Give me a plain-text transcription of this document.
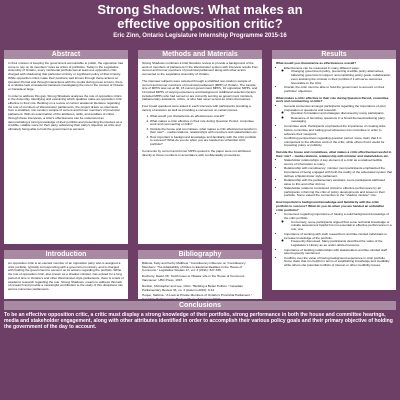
Strong Shadows: What makes an effective opposition critic?
Eric Zinn, Ontario Legislature Internship Programme 2015-16
Abstract

In their mission of keeping the government accountable to public, the opposition has come to rely on its members' roles as critics of portfolios. Today in the Legislative Assembly of Ontario, every ministerial portfolio has at least one opposition critic charged with shadowing that particular ministry or significant policy of that ministry. While opposition critics make their positions well known through these actions at Question Period and through interactions with the media during press scrums, there is a relative lack of academic literature investigating the role in the context of Ontario or Canada at large.

In order to address this gap, Strong Shadows analyses the role of opposition critics in the Assembly, identifying and examining which qualities make an opposition critic effective in their role. Building on a review of current academic literature regarding the role of members of Westminster parliaments, the project draws on interviews from a stratified, non-random sample of current and former members of provincial parliament. With an examination of the attributes, skills, and qualities of critics through these interviews, a critic's effectiveness can be understood as demonstrating a strong knowledge of their portfolio and presenting themselves as a credible, reliable voice for their party, advancing their party's objective as critic and ultimately being able to hold the government to account.

Introduction

An opposition critic is an elected member of an opposition party who is assigned a critic portfolio, typically corresponding with a government ministry, and is charged with holding the government to account on its actions regarding the portfolio. While the role of opposition critic, also known as a shadow minister, has existed for a long period of time in Ontario's and other Westminster-style parliaments, there is a lack of academic research regarding the role. Strong Shadows, means to address this lack of research and provide a meaningful contribution to the study of this ubiquitous role across numerous parliaments.

Methods and Materials

Strong Shadows combines a brief literature review to provide a background of the work of members of parliament in the Westminster system with interview results from current and former members of provincial parliament along with other actors connected to the Legislative Assembly of Ontario.

The interview subjects were selected through a stratified non-random sample of current and former members of provincial parliament (MPP) of Ontario. The sample size of MPPs was set at 30, 15 current government MPPs, 10 opposition MPPs, and 10 retired MPPs of varying experience and background. Additional selection factors included MPPs who had served or are currently serving as government ministers, parliamentary assistants, critics, or who had never served as critics themselves.

Four broad questions were asked in each interview with participants providing a variety of answers as well as providing a consensus on certain issues:

1. What would you characterize as effectiveness overall?
2. What makes a critic effective in their role during Question Period, committee work and commenting on bills?
3. Outside the house and committees, what makes a critic effective/successful in their role? – media relations, relationships with members and stakeholders etc.
4. How important is background knowledge and familiarity with the critic portfolio to success? What do you do when you are handed an unfamiliar critic portfolio?

Comments by current and former MPPs quoted in the paper were not attributed directly to those members in accordance with confidentiality procedures.

Bibliography

Blidook, Kelly and Kerby Matthew. "Constituency influence on 'Constituency Members': The Adaptability of Roles to Electoral Realities in the House of Commons." Legislative Studies 17, vol. 3 (2011): 327-339.

Docherty, David. Mr. Smith Goes to Ottawa: Life in the House of Commons. Vancouver: UBC Press, 1997.

Dunbar, Christopher and Lee, Chris. "Building a Better Politics." Canadian Parliamentary Review 33, no. 3 (Autumn 2010): 9-12.

Hoque, Sabrina. "A Look at Private Members of Ontario's Provincial Parliament."

Results
What would you characterize as effectiveness overall?
• Effectiveness can be measured in many different ways:
◦ Changing government policy, preventing credible policy alternatives, balancing government support, accomplishing policy goals, collaboration; even assisting the minister in their portfolio if it will serve outcomes favourable to the critic.
• Overall, the critic must be able to hold the government to account on their portfolios' objectives.
What makes a critic effective in their role during Question Period, committee work and commenting on bills?
• General consensus amongst participants regarding the importance of prior preparation of questions and research.
◦ Question formulation and strategies discussed by many participants.
◦ Relevance of items/key questions in a broad themes/marketing party messaging.
• Committee work. Participants emphasized the importance of creating links before committee and calling good witnesses into committee in order to advance their viewpoint.
• Conflicting perspectives regarding question period: some claim that it is unimportant to the effective work of the critic, while others find it useful for impacting policy or publicity.
Outside the house and committees, what makes a critic effective/successful in their role? – media relations, relationship with minister and stakeholders etc.
• Stakeholder relationships: A key element of a critic as a relative/credible source of information to many.
• Relationship with constituency: minister most participants emphasized the importance of being engaged with both the reality of the advocated system that defines a Westminster style parliament.
• Relationship with the parliamentary assistant: some participants attributed value to this and other did not.
• Stakeholder relations considered critical to effective performance by all participants; informing the critic of policy developments and issues in their portfolio. Some valued the connection to the "shadow minister" role.
How important is background knowledge and familiarity with the critic portfolio to success? What do you do when you are handed an unfamiliar critic portfolio?
• Consensus regarding importance of having a solid background knowledge of the critic portfolio.
◦ Conversely, some participants argued that some technical knowledge or outside assessment helpful but not essential to effective performance in a role, one
• Importance of working with staff, researchers and like-minded individuals to increase knowledge of the portfolio.
◦ Frequently discussed. Many participants described the value of the Legislature's Library as an under-utilized resource.
• Importance of building relationships with stakeholders and like-minded staff also frequently mentioned.
• Conflicts over the value of having background experience in critic portfolio. Some claim that it is helpful in terms of establishing knowledge and credibility while others cite potential conflicts of interest or other credibility issues.
Conclusions
To be an effective opposition critic, a critic must display a strong knowledge of their portfolio, strong performance in both the house and committee hearings, media and stakeholder engagement, along with other attributes identified in order to accomplish their various policy goals and their primary objective of holding the government of the day to account.
